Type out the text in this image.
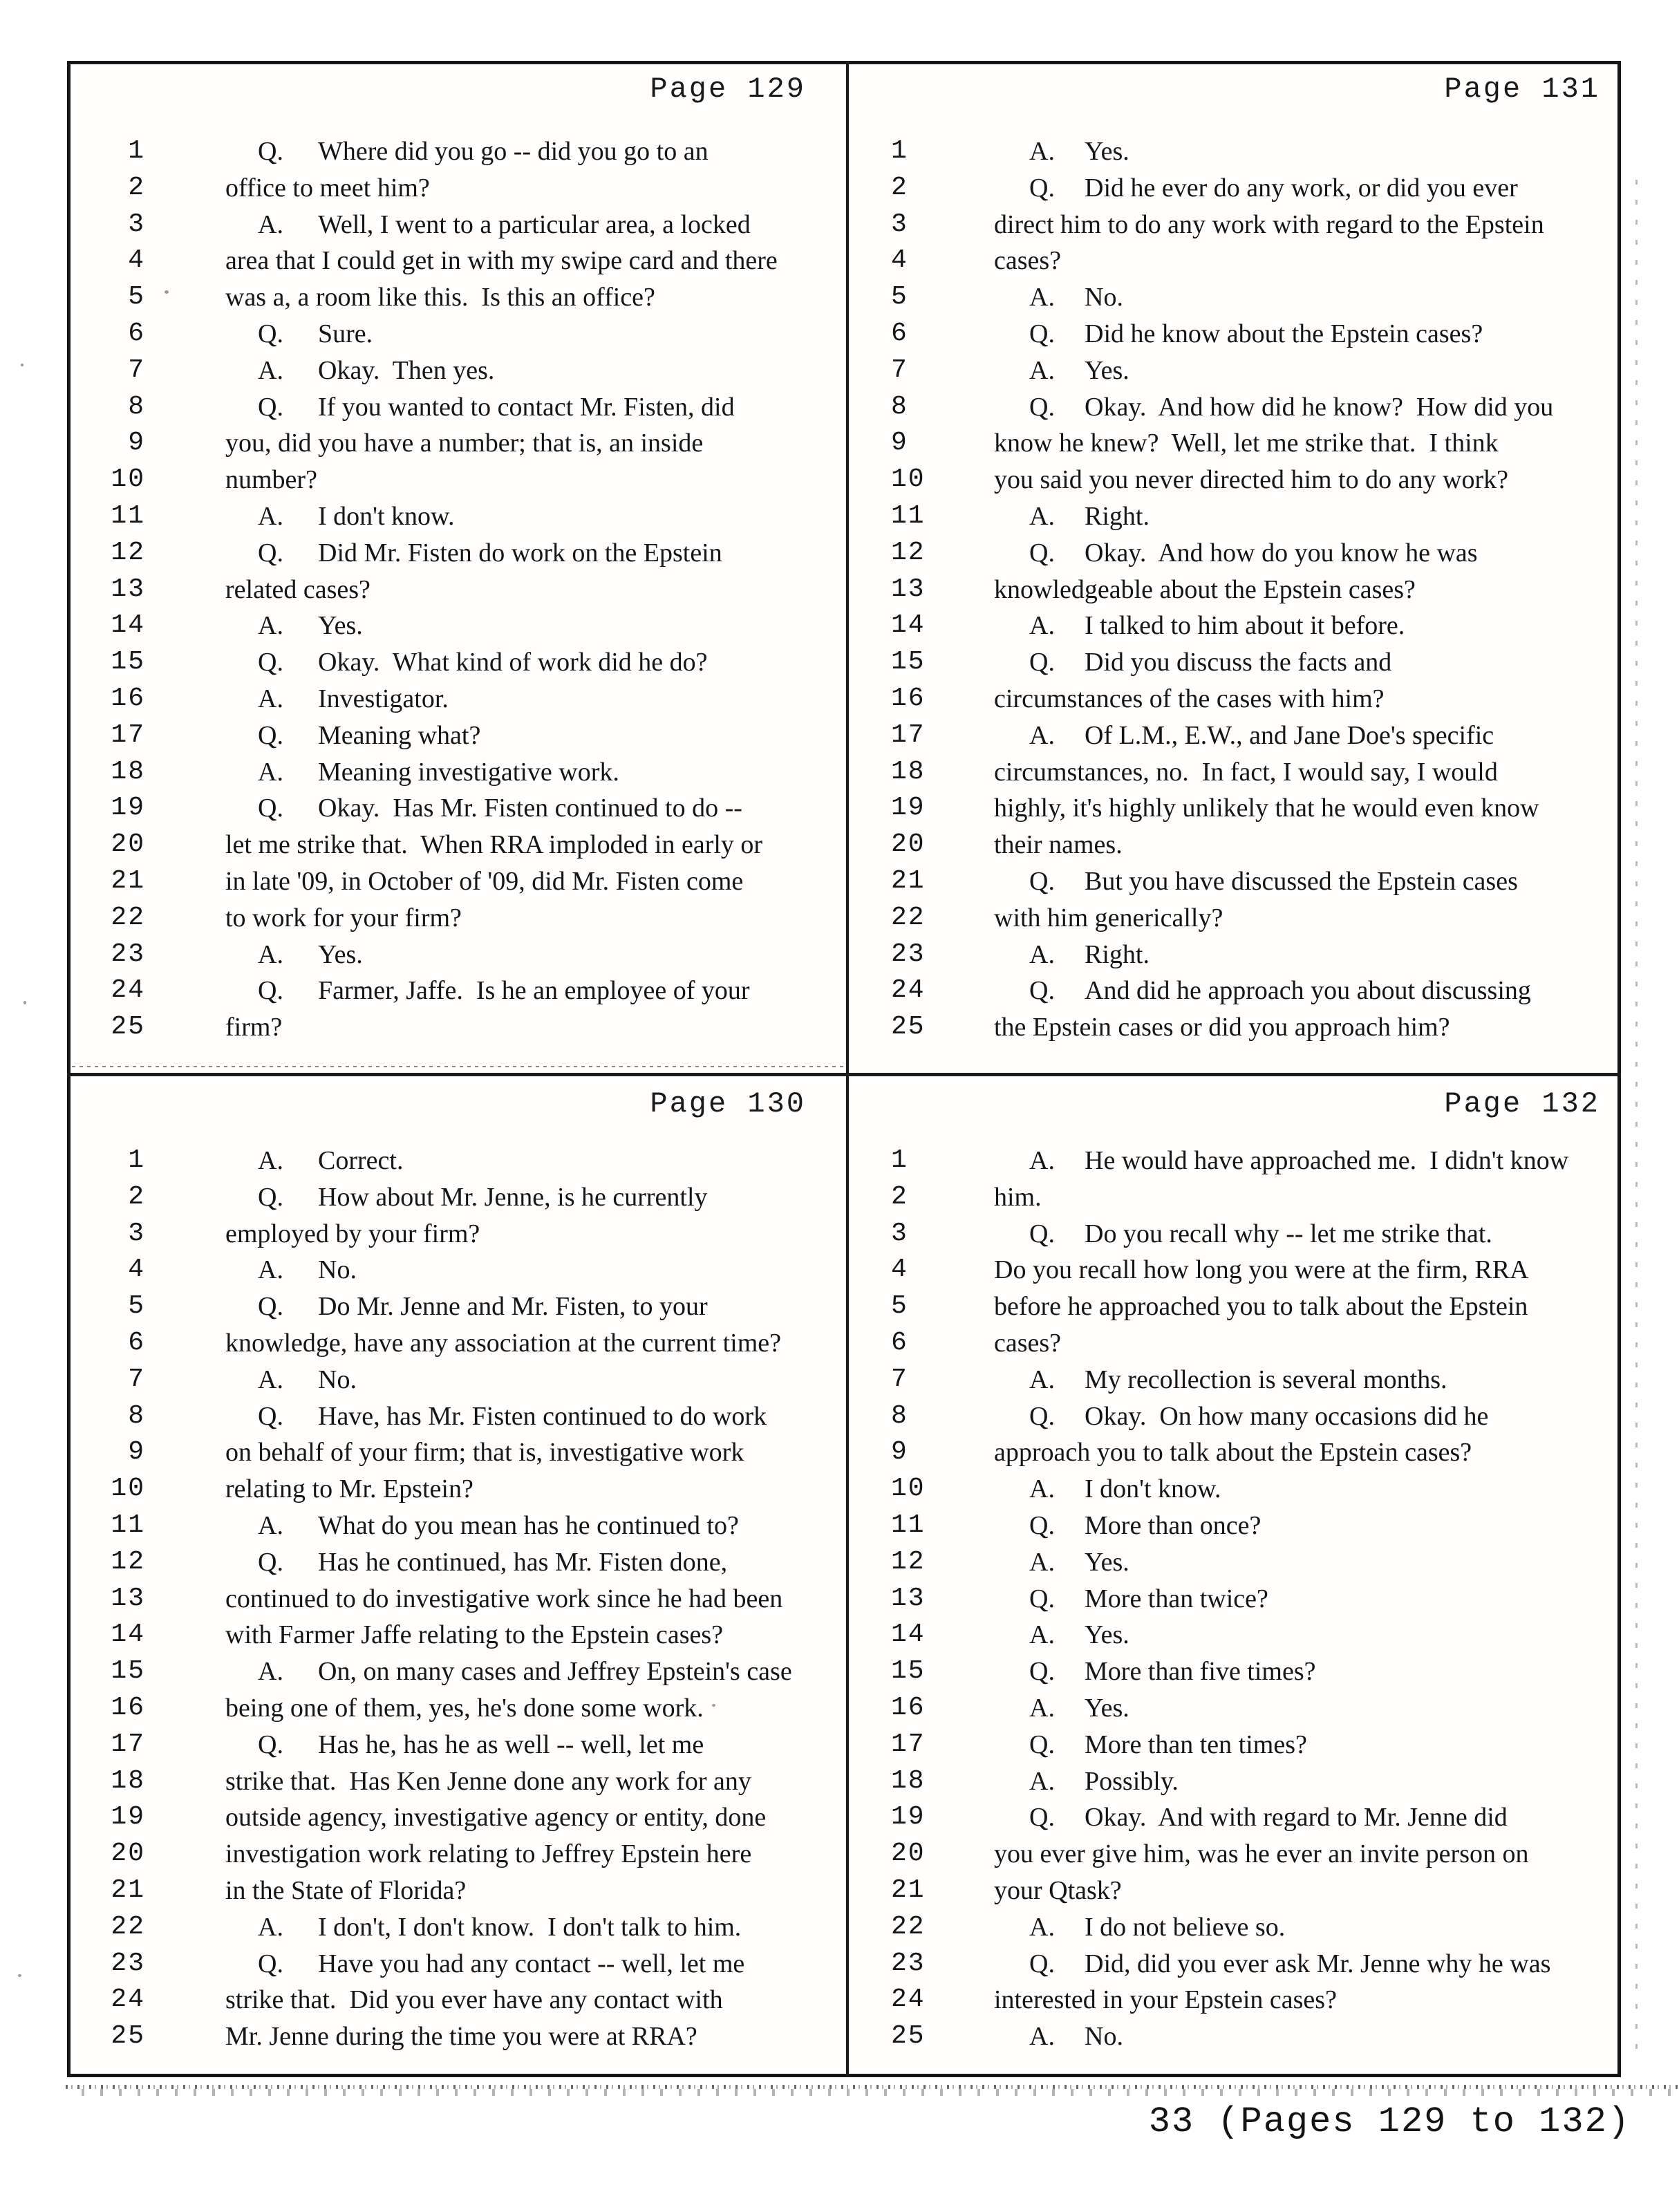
Page 129
1	Q. Where did you go -- did you go to an
2	office to meet him?
3	A. Well, I went to a particular area, a locked
4	area that I could get in with my swipe card and there
5	was a, a room like this.  Is this an office?
6	Q. Sure.
7	A. Okay.  Then yes.
8	Q. If you wanted to contact Mr. Fisten, did
9	you, did you have a number; that is, an inside
10	number?
11	A. I don't know.
12	Q. Did Mr. Fisten do work on the Epstein
13	related cases?
14	A. Yes.
15	Q. Okay.  What kind of work did he do?
16	A. Investigator.
17	Q. Meaning what?
18	A. Meaning investigative work.
19	Q. Okay.  Has Mr. Fisten continued to do --
20	let me strike that.  When RRA imploded in early or
21	in late '09, in October of '09, did Mr. Fisten come
22	to work for your firm?
23	A. Yes.
24	Q. Farmer, Jaffe.  Is he an employee of your
25	firm?
Page 131
1	A. Yes.
2	Q. Did he ever do any work, or did you ever
3	direct him to do any work with regard to the Epstein
4	cases?
5	A. No.
6	Q. Did he know about the Epstein cases?
7	A. Yes.
8	Q. Okay.  And how did he know?  How did you
9	know he knew?  Well, let me strike that.  I think
10	you said you never directed him to do any work?
11	A. Right.
12	Q. Okay.  And how do you know he was
13	knowledgeable about the Epstein cases?
14	A. I talked to him about it before.
15	Q. Did you discuss the facts and
16	circumstances of the cases with him?
17	A. Of L.M., E.W., and Jane Doe's specific
18	circumstances, no.  In fact, I would say, I would
19	highly, it's highly unlikely that he would even know
20	their names.
21	Q. But you have discussed the Epstein cases
22	with him generically?
23	A. Right.
24	Q. And did he approach you about discussing
25	the Epstein cases or did you approach him?
Page 130
1	A. Correct.
2	Q. How about Mr. Jenne, is he currently
3	employed by your firm?
4	A. No.
5	Q. Do Mr. Jenne and Mr. Fisten, to your
6	knowledge, have any association at the current time?
7	A. No.
8	Q. Have, has Mr. Fisten continued to do work
9	on behalf of your firm; that is, investigative work
10	relating to Mr. Epstein?
11	A. What do you mean has he continued to?
12	Q. Has he continued, has Mr. Fisten done,
13	continued to do investigative work since he had been
14	with Farmer Jaffe relating to the Epstein cases?
15	A. On, on many cases and Jeffrey Epstein's case
16	being one of them, yes, he's done some work.
17	Q. Has he, has he as well -- well, let me
18	strike that.  Has Ken Jenne done any work for any
19	outside agency, investigative agency or entity, done
20	investigation work relating to Jeffrey Epstein here
21	in the State of Florida?
22	A. I don't, I don't know.  I don't talk to him.
23	Q. Have you had any contact -- well, let me
24	strike that.  Did you ever have any contact with
25	Mr. Jenne during the time you were at RRA?
Page 132
1	A. He would have approached me.  I didn't know
2	him.
3	Q. Do you recall why -- let me strike that.
4	Do you recall how long you were at the firm, RRA
5	before he approached you to talk about the Epstein
6	cases?
7	A. My recollection is several months.
8	Q. Okay.  On how many occasions did he
9	approach you to talk about the Epstein cases?
10	A. I don't know.
11	Q. More than once?
12	A. Yes.
13	Q. More than twice?
14	A. Yes.
15	Q. More than five times?
16	A. Yes.
17	Q. More than ten times?
18	A. Possibly.
19	Q. Okay.  And with regard to Mr. Jenne did
20	you ever give him, was he ever an invite person on
21	your Qtask?
22	A. I do not believe so.
23	Q. Did, did you ever ask Mr. Jenne why he was
24	interested in your Epstein cases?
25	A. No.
33 (Pages 129 to 132)
